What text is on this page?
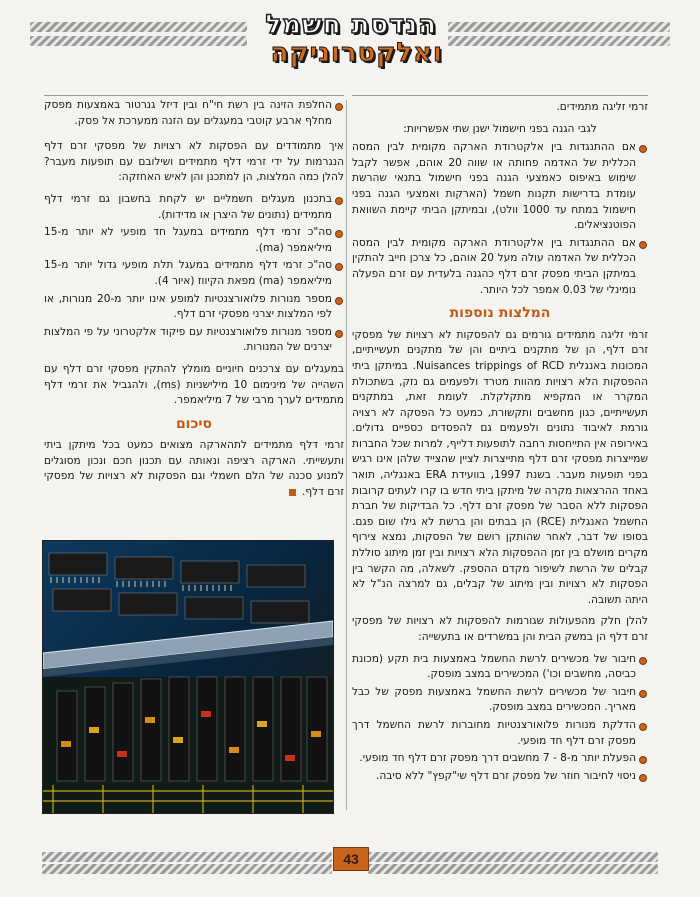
הנדסת חשמל
ואלקטרוניקה

זרמי זליגה מתמידים.

לגבי הגנה בפני חישמול ישנן שתי אפשרויות:

אם ההתנגדות בין אלקטרודת הארקה מקומית לבין המסה הכללית של האדמה פחותה או שווה 20 אוהם, אפשר לקבל שימוש באיפוס כאמצעי הגנה בפני חישמול בתנאי שהרשת עומדת בדרישות תקנות חשמל (הארקות ואמצעי הגנה בפני חישמול במתח עד 1000 וולט), ובמיתקן הביתי קיימת השוואת הפוטנציאלים.
אם ההתנגדות בין אלקטרודת הארקה מקומית לבין המסה הכללית של האדמה עולה מעל 20 אוהם, כל צרכן חייב להתקין במיתקן הביתי מפסק זרם דלף כהגנה בלעדית עם זרם הפעלה נומינלי של 0.03 אמפר לכל היותר.
המלצות נוספות

זרמי זליגה מתמידים גורמים גם להפסקות לא רצויות של מפסקי זרם דלף, הן של מתקנים ביתיים והן של מתקנים תעשייתיים, המכונות באנגלית Nuisances trippings of RCD. במיתקן ביתי ההפסקות הלא רצויות מהוות מטרד ולפעמים גם נזק, בשתכולת המקרר או המקפיא מתקלקלת. לעומת זאת, במתקנים תעשייתיים, כגון מחשבים ותקשורת, כמעט כל הפסקה לא רצויה גורמת לאיבוד נתונים ולפעמים גם להפסדים כספיים גדולים. באירופה אין התייחסות רחבה לתופעות דלייף, למרות שכל החברות שמייצרות מפסקי זרם דלף מתייצרות לציין שהצייד שלהן אינו רגיש בפני תופעות מעבר. בשנת 1997, בוועידת ERA באנגליה, תואר באחד ההרצאות מקרה של מיתקן ביתי חדש בו קרו לעתים קרובות הפסקות ללא הסבר של מפסק זרם דלף. כל הבדיקות של חברת החשמל האנגלית (RCE) הן בבתים והן ברשת לא גילו שום פגם. בסופו של דבר, לאחר שהותקן רושם של הפסקות, נמצא צירוף מקרים מושלם בין זמן ההפסקות הלא רצויות ובין זמן מיתוג סוללת קבלים של הרשת לשיפור מקדם ההספק. לשאלה, מה הקשר בין הפסקות לא רצויות ובין מיתוג של קבלים, גם למרצה הנ"ל לא היתה תשובה.

להלן חלק מהפעולות שגורמות להפסקות לא רצויות של מפסקי זרם דלף הן במשק הבית והן במשרדים או בתעשייה:

חיבור של מכשירים לרשת החשמל באמצעות בית תקע (מכונת כביסה, מחשבים וכו') המכשירים במצב מופסק.
חיבור של מכשירים לרשת החשמל באמצעות מפסק של כבל מאריך. המכשירים במצב מופסק.
הדלקת מנורות פלואורצנטיות מחוברות לרשת החשמל דרך מפסק זרם דלף חד מופעי.
הפעלת יותר מ-8 - 7 מחשבים דרך מפסק זרם דלף חד מופעי.
ניסוי לחיבור חוזר של מפסק זרם דלף שי"קפץ" ללא סיבה.
החלפת הזינה בין רשת חי"ח ובין דיזל גנרטור באמצעות מפסק מחלף ארבע קוטבי במעגלים עם הזנה ממערכת אל פסק.

איך מתמודדים עם הפסקות לא רצויות של מפסקי זרם דלף הנגרמות על ידי זרמי דלף מתמידים ושילובם עם תופעות מעבר? להלן כמה המלצות, הן למתכנן והן לאיש האחזקה:

בתכנון מעגלים חשמליים יש לקחת בחשבון גם זרמי דלף מתמידים (נתונים של היצרן או מדידות).
סה"כ זרמי דלף מתמידים במעגל חד מופעי לא יותר מ-15 מיליאמפר (ma).
סה"כ זרמי דלף מתמידים במעגל תלת מופעי גדול יותר מ-15 מיליאמפר (ma) מפאת הקיווז (איור 4).
מספר מנורות פלואורצנטיות למופע אינו יותר מ-20 מנורות, או לפי המלצות יצרני מפסקי זרם דלף.
מספר מנורות פלואורצנטיות עם פיקוד אלקטרוני על פי המלצות יצרנים של המנורות.

במעגלים עם צרכנים חיוניים מומלץ להתקין מפסקי זרם דלף עם השהייה של מינימום 10 מילישניות (ms), ולהגביל את זרמי דלף מתמידים לערך מרבי של 7 מיליאמפר.

סיכום

זרמי דלף מתמידים לתהארקה מצואים כמעט בכל מיתקן ביתי ותעשייתי. הארקה רציפה ונאותה עם תכנון חכם ונכון מסוגלים למנוע סכנה של הלם חשמלי וגם הפסקות לא רצויות של מפסקי זרם דלף.

43
